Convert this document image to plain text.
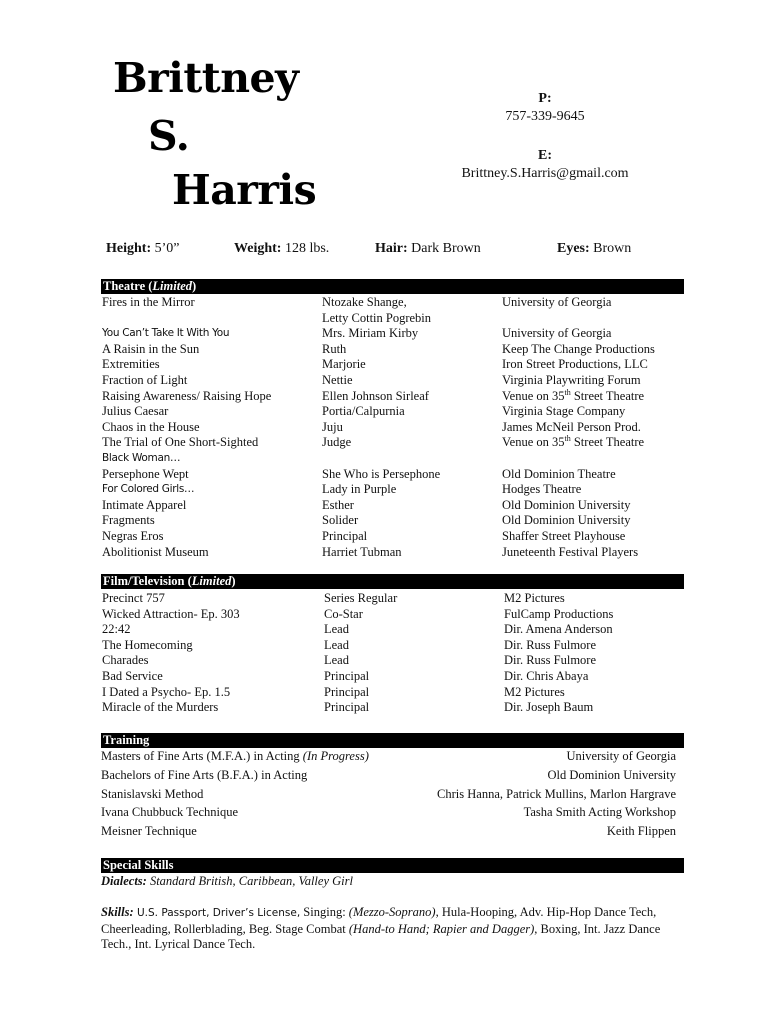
Brittney
S.
Harris
P:
757-339-9645
E:
Brittney.S.Harris@gmail.com
Height: 5’0”	Weight: 128 lbs.	Hair: Dark Brown	Eyes: Brown
Theatre (Limited)
Fires in the Mirror	Ntozake Shange,	University of Georgia
Letty Cottin Pogrebin
You Can’t Take It With You	Mrs. Miriam Kirby	University of Georgia
A Raisin in the Sun	Ruth	Keep The Change Productions
Extremities	Marjorie	Iron Street Productions, LLC
Fraction of Light	Nettie	Virginia Playwriting Forum
Raising Awareness/ Raising Hope	Ellen Johnson Sirleaf	Venue on 35th Street Theatre
Julius Caesar	Portia/Calpurnia	Virginia Stage Company
Chaos in the House	Juju	James McNeil Person Prod.
The Trial of One Short-Sighted	Judge	Venue on 35th Street Theatre
Black Woman…
Persephone Wept	She Who is Persephone	Old Dominion Theatre
For Colored Girls…	Lady in Purple	Hodges Theatre
Intimate Apparel	Esther	Old Dominion University
Fragments	Solider	Old Dominion University
Negras Eros	Principal	Shaffer Street Playhouse
Abolitionist Museum	Harriet Tubman	Juneteenth Festival Players
Film/Television (Limited)
Precinct 757	Series Regular	M2 Pictures
Wicked Attraction- Ep. 303	Co-Star	FulCamp Productions
22:42	Lead	Dir. Amena Anderson
The Homecoming	Lead	Dir. Russ Fulmore
Charades	Lead	Dir. Russ Fulmore
Bad Service	Principal	Dir. Chris Abaya
I Dated a Psycho- Ep. 1.5	Principal	M2 Pictures
Miracle of the Murders	Principal	Dir. Joseph Baum
Training
Masters of Fine Arts (M.F.A.) in Acting (In Progress)	University of Georgia
Bachelors of Fine Arts (B.F.A.) in Acting	Old Dominion University
Stanislavski Method	Chris Hanna, Patrick Mullins, Marlon Hargrave
Ivana Chubbuck Technique	Tasha Smith Acting Workshop
Meisner Technique	Keith Flippen
Special Skills
Dialects: Standard British, Caribbean, Valley Girl
Skills: U.S. Passport, Driver’s License, Singing: (Mezzo-Soprano), Hula-Hooping, Adv. Hip-Hop Dance Tech, Cheerleading, Rollerblading, Beg. Stage Combat (Hand-to Hand; Rapier and Dagger), Boxing, Int. Jazz Dance Tech., Int. Lyrical Dance Tech.
